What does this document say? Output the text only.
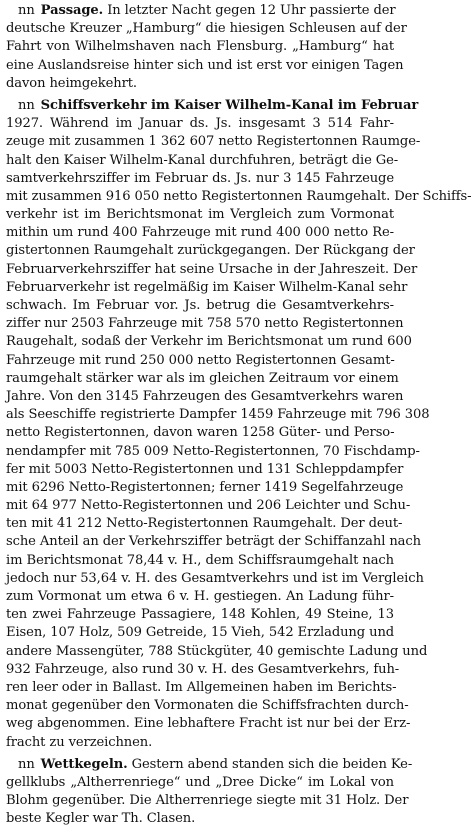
nn Passage. In letzter Nacht gegen 12 Uhr passierte der
deutsche Kreuzer „Hamburg“ die hiesigen Schleusen auf der
Fahrt von Wilhelmshaven nach Flensburg. „Hamburg“ hat
eine Auslandsreise hinter sich und ist erst vor einigen Tagen
davon heimgekehrt.
nn Schiffsverkehr im Kaiser Wilhelm-Kanal im Februar
1927. Während im Januar ds. Js. insgesamt 3 514 Fahr-
zeuge mit zusammen 1 362 607 netto Registertonnen Raumge-
halt den Kaiser Wilhelm-Kanal durchfuhren, beträgt die Ge-
samtverkehrsziffer im Februar ds. Js. nur 3 145 Fahrzeuge
mit zusammen 916 050 netto Registertonnen Raumgehalt. Der Schiffs-
verkehr ist im Berichtsmonat im Vergleich zum Vormonat
mithin um rund 400 Fahrzeuge mit rund 400 000 netto Re-
gistertonnen Raumgehalt zurückgegangen. Der Rückgang der
Februarverkehrsziffer hat seine Ursache in der Jahreszeit. Der
Februarverkehr ist regelmäßig im Kaiser Wilhelm-Kanal sehr
schwach. Im Februar vor. Js. betrug die Gesamtverkehrs-
ziffer nur 2503 Fahrzeuge mit 758 570 netto Registertonnen
Raugehalt, sodaß der Verkehr im Berichtsmonat um rund 600
Fahrzeuge mit rund 250 000 netto Registertonnen Gesamt-
raumgehalt stärker war als im gleichen Zeitraum vor einem
Jahre. Von den 3145 Fahrzeugen des Gesamtverkehrs waren
als Seeschiffe registrierte Dampfer 1459 Fahrzeuge mit 796 308
netto Registertonnen, davon waren 1258 Güter- und Perso-
nendampfer mit 785 009 Netto-Registertonnen, 70 Fischdamp-
fer mit 5003 Netto-Registertonnen und 131 Schleppdampfer
mit 6296 Netto-Registertonnen; ferner 1419 Segelfahrzeuge
mit 64 977 Netto-Registertonnen und 206 Leichter und Schu-
ten mit 41 212 Netto-Registertonnen Raumgehalt. Der deut-
sche Anteil an der Verkehrsziffer beträgt der Schiffanzahl nach
im Berichtsmonat 78,44 v. H., dem Schiffsraumgehalt nach
jedoch nur 53,64 v. H. des Gesamtverkehrs und ist im Vergleich
zum Vormonat um etwa 6 v. H. gestiegen. An Ladung führ-
ten zwei Fahrzeuge Passagiere, 148 Kohlen, 49 Steine, 13
Eisen, 107 Holz, 509 Getreide, 15 Vieh, 542 Erzladung und
andere Massengüter, 788 Stückgüter, 40 gemischte Ladung und
932 Fahrzeuge, also rund 30 v. H. des Gesamtverkehrs, fuh-
ren leer oder in Ballast. Im Allgemeinen haben im Berichts-
monat gegenüber den Vormonaten die Schiffsfrachten durch-
weg abgenommen. Eine lebhaftere Fracht ist nur bei der Erz-
fracht zu verzeichnen.
nn Wettkegeln. Gestern abend standen sich die beiden Ke-
gellklubs „Altherrenriege“ und „Dree Dicke“ im Lokal von
Blohm gegenüber. Die Altherrenriege siegte mit 31 Holz. Der
beste Kegler war Th. Clasen.
